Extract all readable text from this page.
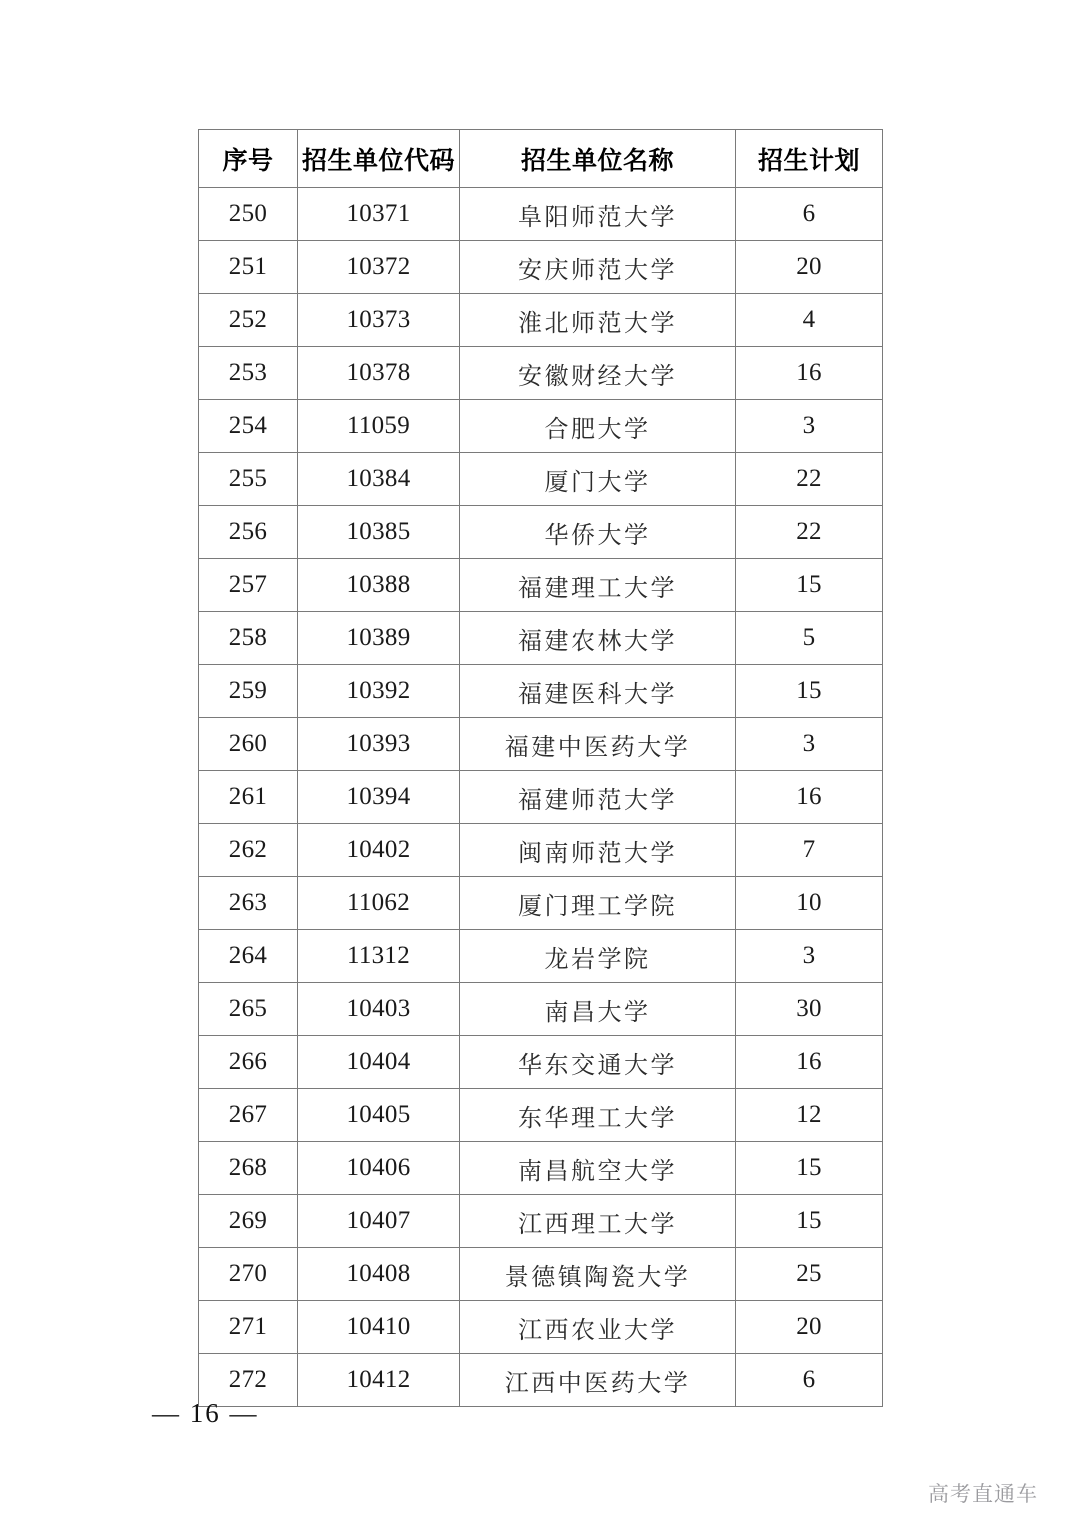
序号	招生单位代码	招生单位名称	招生计划
250	10371	阜阳师范大学	6
251	10372	安庆师范大学	20
252	10373	淮北师范大学	4
253	10378	安徽财经大学	16
254	11059	合肥大学	3
255	10384	厦门大学	22
256	10385	华侨大学	22
257	10388	福建理工大学	15
258	10389	福建农林大学	5
259	10392	福建医科大学	15
260	10393	福建中医药大学	3
261	10394	福建师范大学	16
262	10402	闽南师范大学	7
263	11062	厦门理工学院	10
264	11312	龙岩学院	3
265	10403	南昌大学	30
266	10404	华东交通大学	16
267	10405	东华理工大学	12
268	10406	南昌航空大学	15
269	10407	江西理工大学	15
270	10408	景德镇陶瓷大学	25
271	10410	江西农业大学	20
272	10412	江西中医药大学	6
— 16 —
高考直通车
